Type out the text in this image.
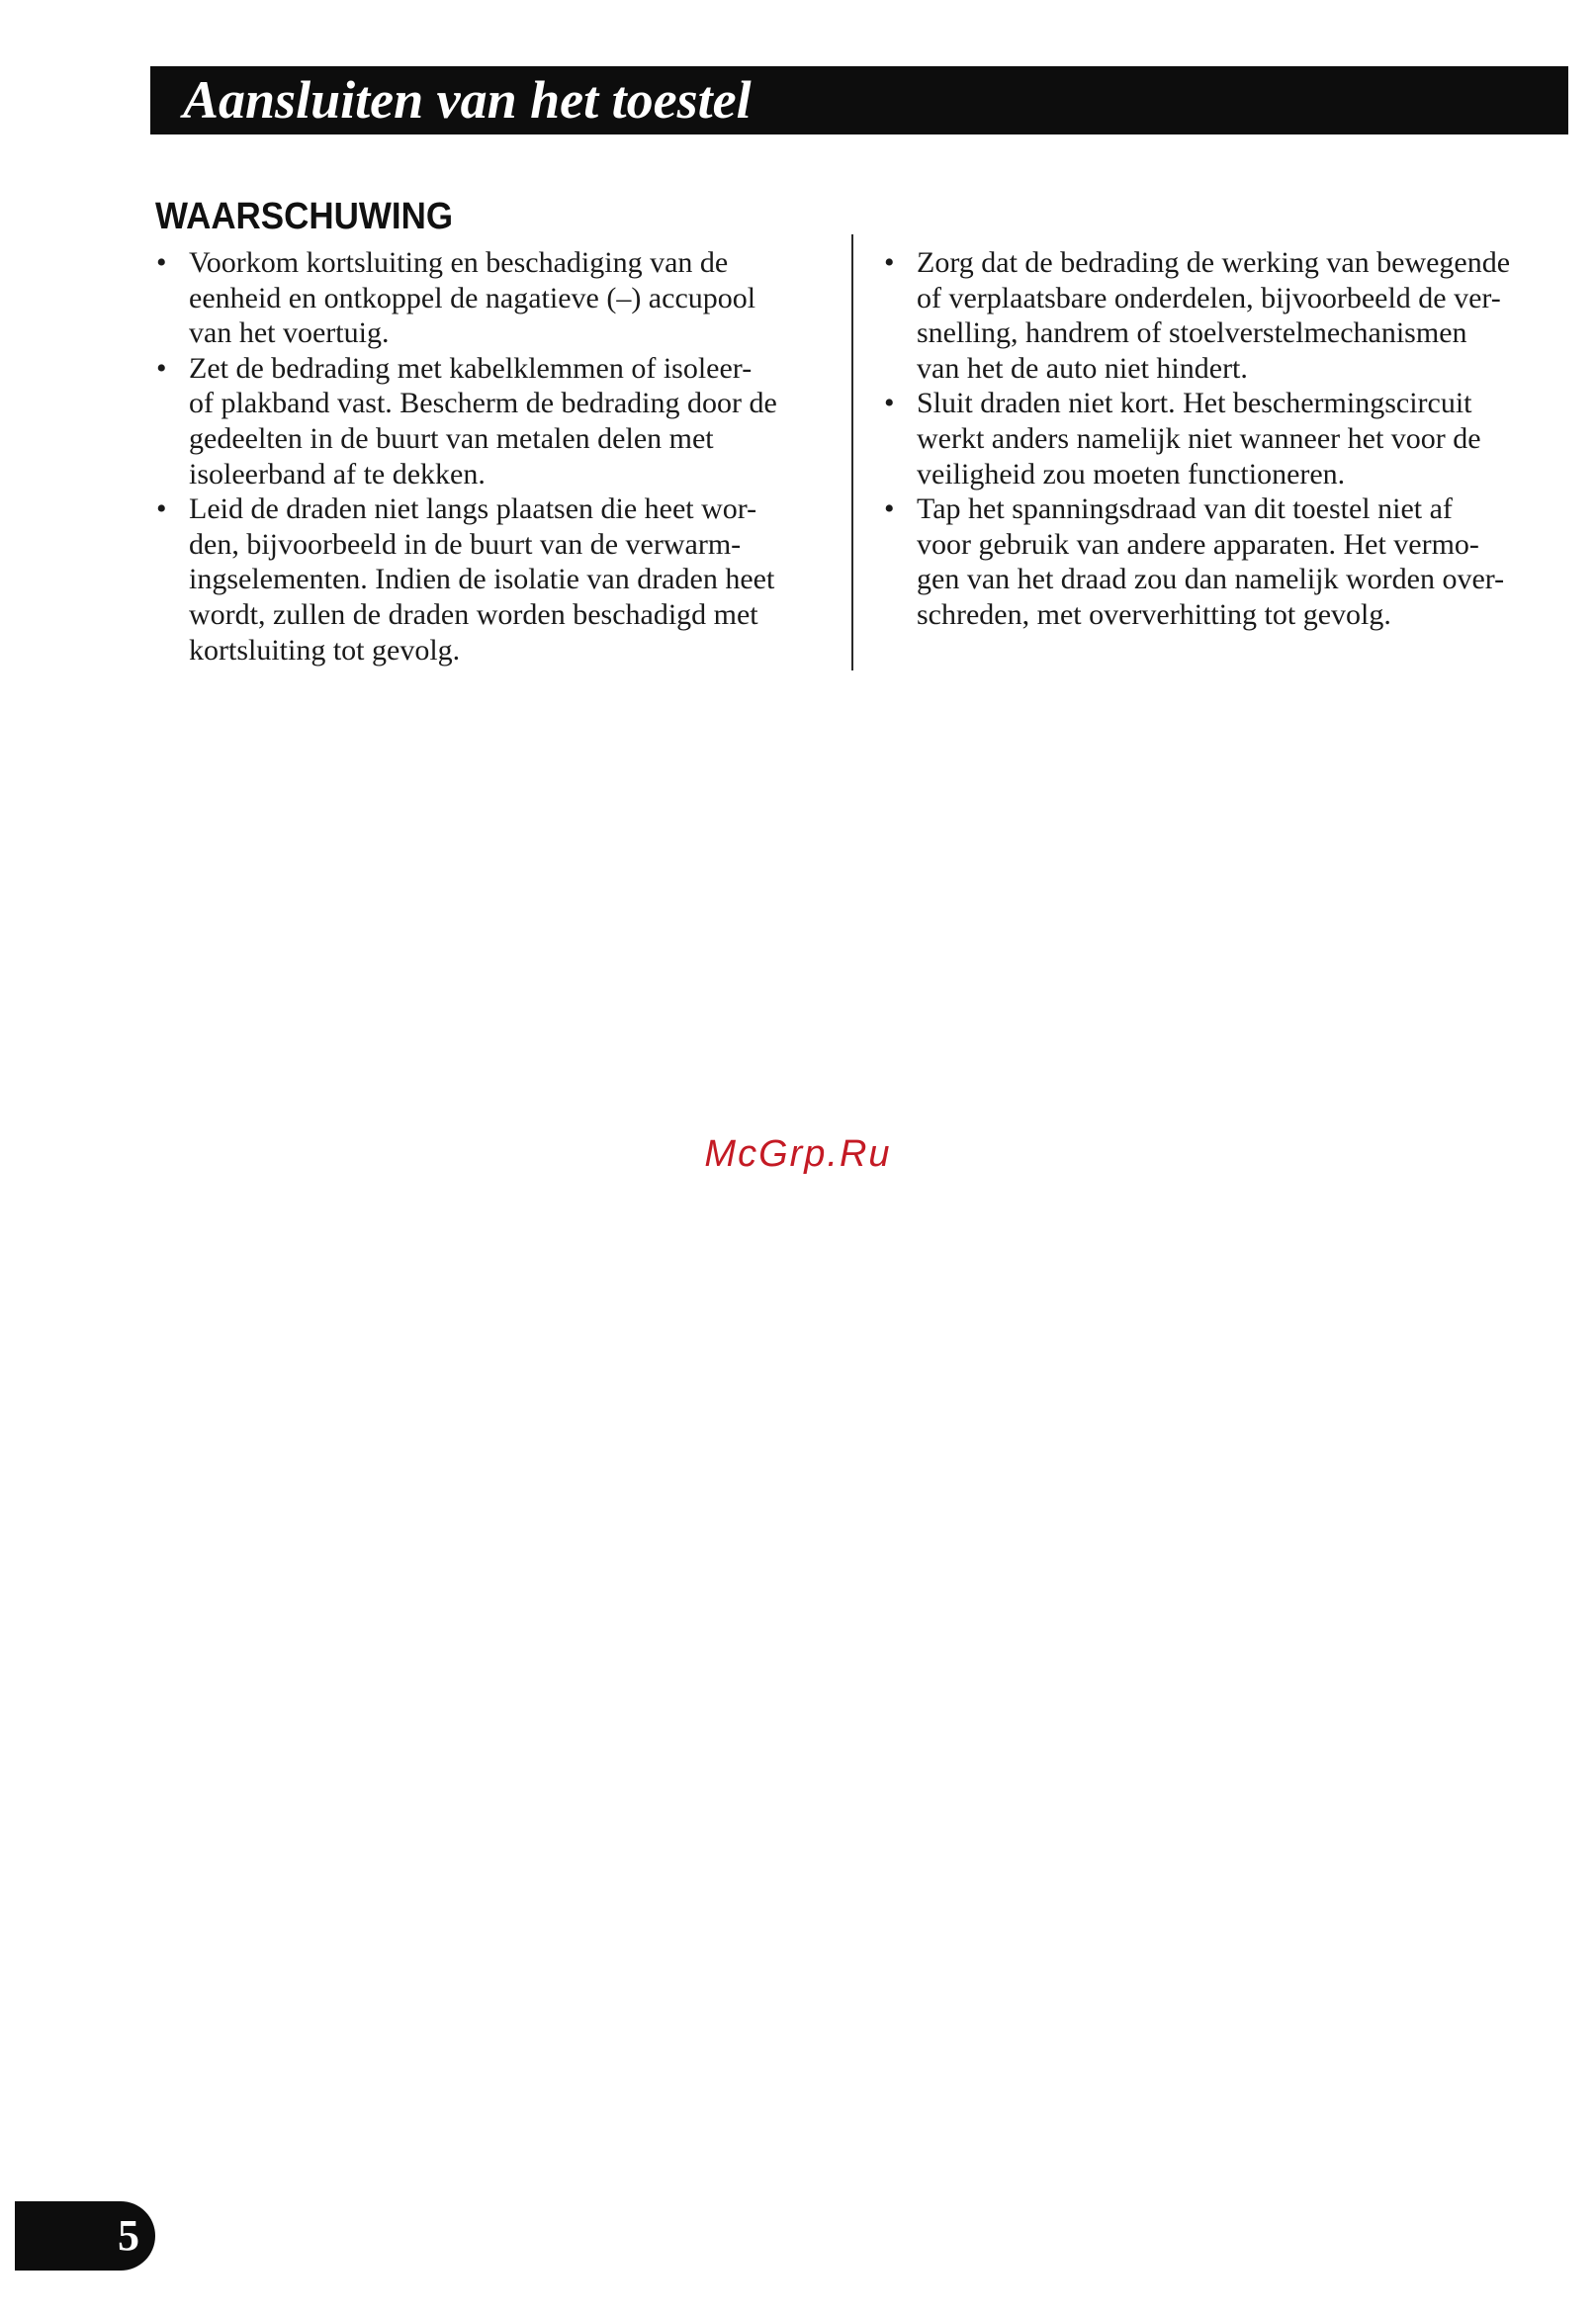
Aansluiten van het toestel
WAARSCHUWING
• Voorkom kortsluiting en beschadiging van de
eenheid en ontkoppel de nagatieve (–) accupool
van het voertuig.
• Zet de bedrading met kabelklemmen of isoleer-
of plakband vast. Bescherm de bedrading door de
gedeelten in de buurt van metalen delen met
isoleerband af te dekken.
• Leid de draden niet langs plaatsen die heet wor-
den, bijvoorbeeld in de buurt van de verwarm-
ingselementen. Indien de isolatie van draden heet
wordt, zullen de draden worden beschadigd met
kortsluiting tot gevolg.
• Zorg dat de bedrading de werking van bewegende
of verplaatsbare onderdelen, bijvoorbeeld de ver-
snelling, handrem of stoelverstelmechanismen
van het de auto niet hindert.
• Sluit draden niet kort. Het beschermingscircuit
werkt anders namelijk niet wanneer het voor de
veiligheid zou moeten functioneren.
• Tap het spanningsdraad van dit toestel niet af
voor gebruik van andere apparaten. Het vermo-
gen van het draad zou dan namelijk worden over-
schreden, met oververhitting tot gevolg.
McGrp.Ru
5
